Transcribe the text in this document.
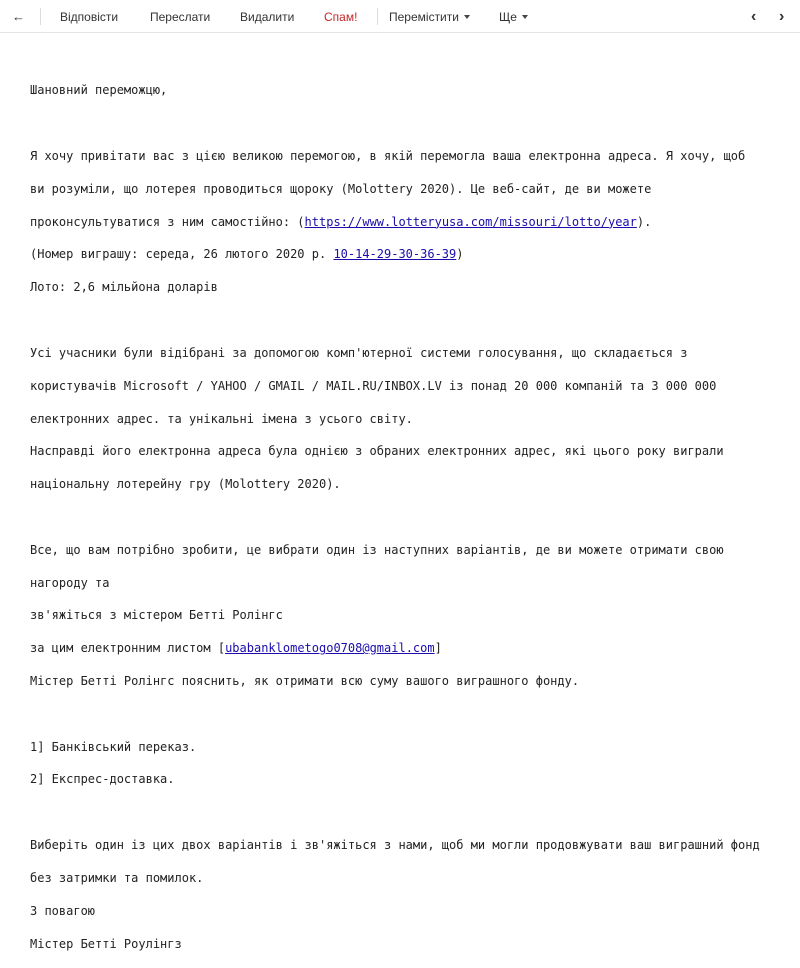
←	Відповісти	Переслати Видалити Спам!	Перемістити	Ще	‹ ›

Шановний переможцю,

Я хочу привітати вас з цією великою перемогою, в якій перемогла ваша електронна адреса. Я хочу, щоб

ви розуміли, що лотерея проводиться щороку (Molottery 2020). Це веб-сайт, де ви можете

проконсультуватися з ним самостійно: (https://www.lotteryusa.com/missouri/lotto/year).

(Номер виграшу: середа, 26 лютого 2020 р. 10-14-29-30-36-39)

Лото: 2,6 мільйона доларів

Усі учасники були відібрані за допомогою комп'ютерної системи голосування, що складається з

користувачів Microsoft / YAHOO / GMAIL / MAIL.RU/INBOX.LV із понад 20 000 компаній та 3 000 000

електронних адрес. та унікальні імена з усього світу.

Насправді його електронна адреса була однією з обраних електронних адрес, які цього року виграли

національну лотерейну гру (Molottery 2020).

Все, що вам потрібно зробити, це вибрати один із наступних варіантів, де ви можете отримати свою

нагороду та

зв'яжіться з містером Бетті Ролінгс

за цим електронним листом [ubabanklometogo0708@gmail.com]

Містер Бетті Ролінгс пояснить, як отримати всю суму вашого виграшного фонду.

1] Банківський переказ.

2] Експрес-доставка.

Виберіть один із цих двох варіантів і зв'яжіться з нами, щоб ми могли продовжувати ваш виграшний фонд

без затримки та помилок.

З повагою

Містер Бетті Роулінгз
